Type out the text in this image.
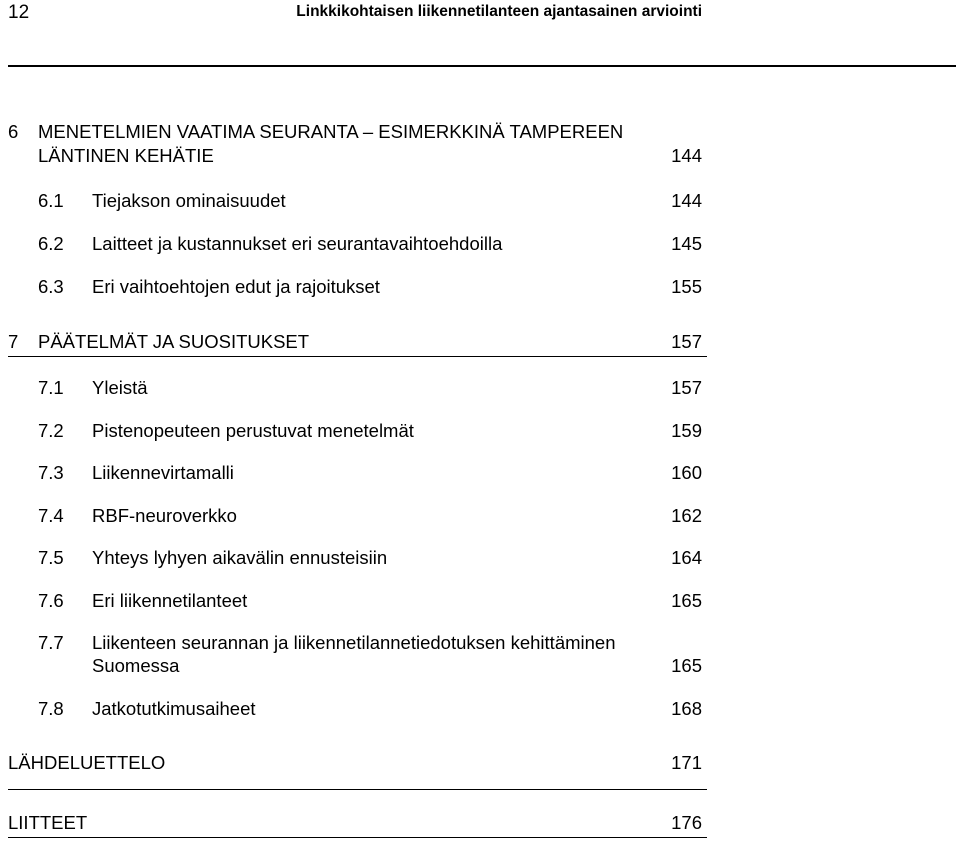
12	Linkkikohtaisen liikennetilanteen ajantasainen arviointi
6 MENETELMIEN VAATIMA SEURANTA – ESIMERKKINÄ TAMPEREEN
LÄNTINEN KEHÄTIE	144
6.1 Tiejakson ominaisuudet	144
6.2 Laitteet ja kustannukset eri seurantavaihtoehdoilla	145
6.3 Eri vaihtoehtojen edut ja rajoitukset	155
7 PÄÄTELMÄT JA SUOSITUKSET	157
7.1 Yleistä	157
7.2 Pistenopeuteen perustuvat menetelmät	159
7.3 Liikennevirtamalli	160
7.4 RBF-neuroverkko	162
7.5 Yhteys lyhyen aikavälin ennusteisiin	164
7.6 Eri liikennetilanteet	165
7.7 Liikenteen seurannan ja liikennetilannetiedotuksen kehittäminen
Suomessa	165
7.8 Jatkotutkimusaiheet	168
LÄHDELUETTELO	171
LIITTEET	176
